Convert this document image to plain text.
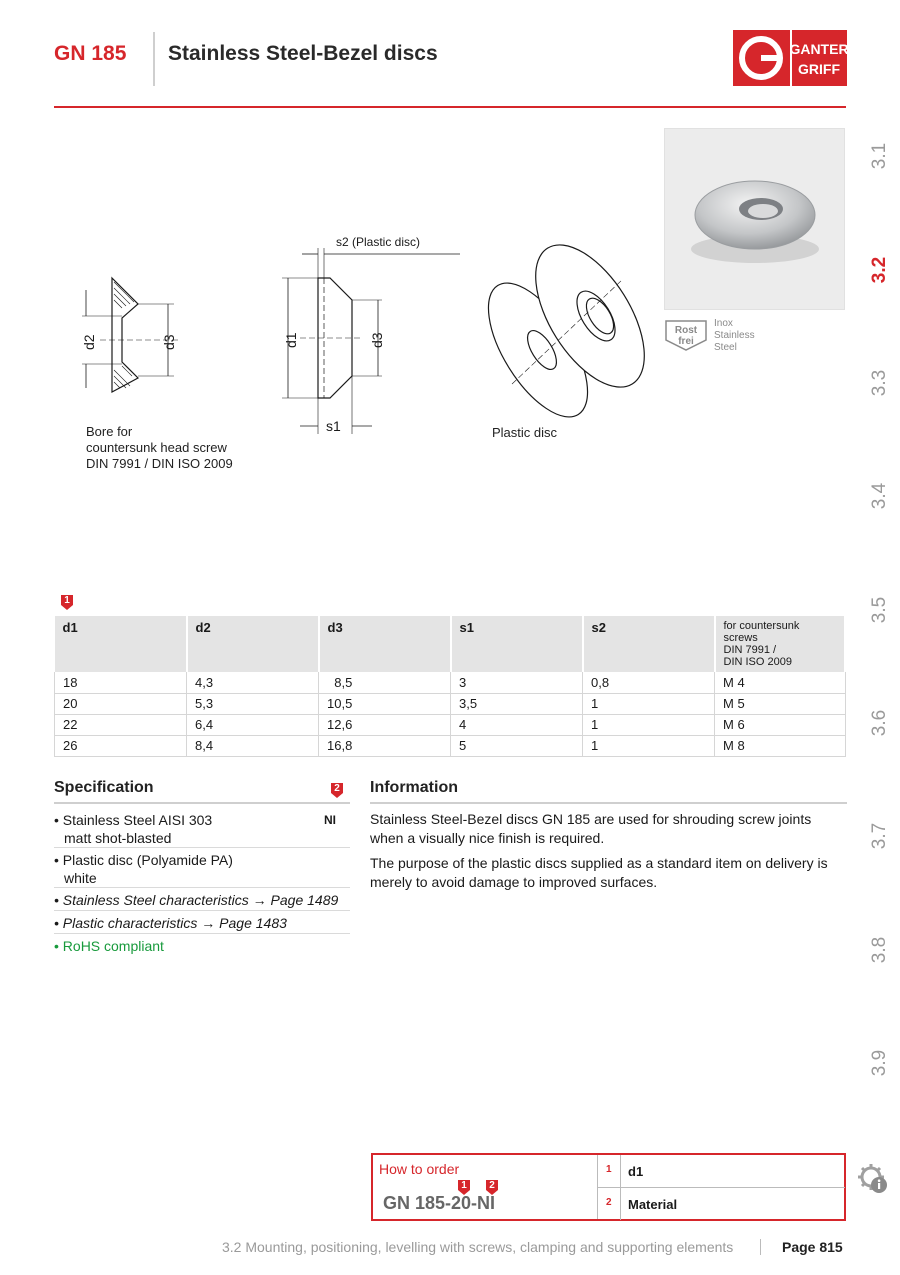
GN 185 Stainless Steel-Bezel discs	GANTER
GRIFF
3.1
3.2
3.3
3.4
3.5
3.6
3.7
3.8
3.9
Rost
frei
Inox
Stainless
Steel
d2	d3
s2 (Plastic disc)
d1	d3
s1
Bore for
countersunk head screw
DIN 7991 / DIN ISO 2009
Plastic disc
1
d1	d2	d3	s1	s2	for countersunk screws
DIN 7991 /
DIN ISO 2009

18	4,3	8,5	3	0,8	M 4
20	5,3	10,5	3,5	1	M 5
22	6,4	12,6	4	1	M 6
26	8,4	16,8	5	1	M 8
Specification	2
• Stainless Steel AISI 303
matt shot-blasted
NI
• Plastic disc (Polyamide PA)
white
• Stainless Steel characteristics → Page 1489
• Plastic characteristics → Page 1483
• RoHS compliant
Information
Stainless Steel-Bezel discs GN 185 are used for shrouding screw joints when a visually nice finish is required.
The purpose of the plastic discs supplied as a standard item on delivery is merely to avoid damage to improved surfaces.
How to order
1	2
GN 185-20-NI
1 d1
2 Material
3.2 Mounting, positioning, levelling with screws, clamping and supporting elements	Page 815
